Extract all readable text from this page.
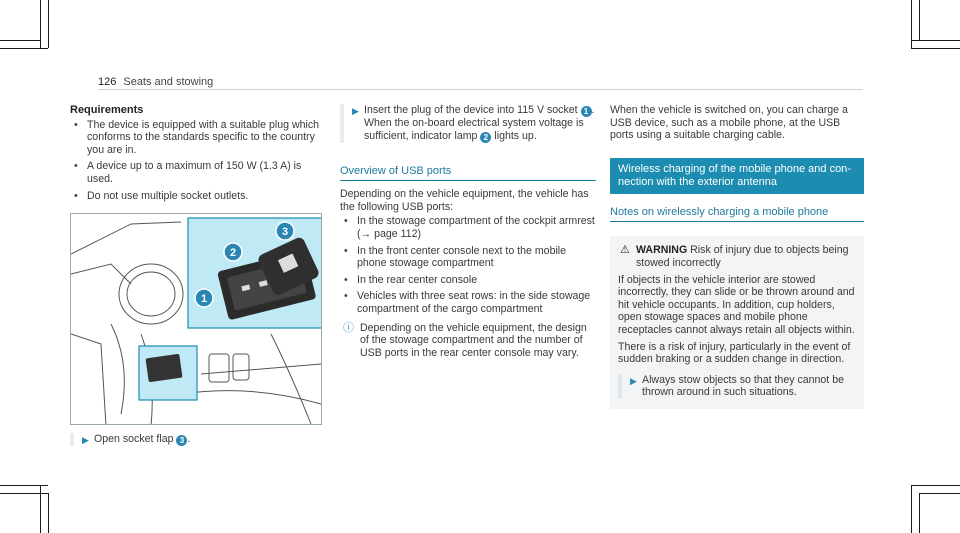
126 Seats and stowing
Requirements
• The device is equipped with a suitable plug which conforms to the standards specific to the country you are in.
• A device up to a maximum of 150 W (1.3 A) is used.
• Do not use multiple socket outlets.
3
2
1
▶ Open socket flap 3 .
▶ Insert the plug of the device into 115 V socket 1 .
When the on-board electrical system voltage is sufficient, indicator lamp 2 lights up.
Overview of USB ports

Depending on the vehicle equipment, the vehicle has the following USB ports:

• In the stowage compartment of the cockpit armrest (→ page 112)
• In the front center console next to the mobile phone stowage compartment
• In the rear center console
• Vehicles with three seat rows: in the side stowage compartment of the cargo compartment
ⓘ Depending on the vehicle equipment, the design of the stowage compartment and the number of USB ports in the rear center console may vary.

When the vehicle is switched on, you can charge a USB device, such as a mobile phone, at the USB ports using a suitable charging cable.

Wireless charging of the mobile phone and connection with the exterior antenna
Notes on wirelessly charging a mobile phone
⚠ WARNING Risk of injury due to objects being stowed incorrectly

If objects in the vehicle interior are stowed incorrectly, they can slide or be thrown around and hit vehicle occupants. In addition, cup holders, open stowage spaces and mobile phone receptacles cannot always retain all objects within.

There is a risk of injury, particularly in the event of sudden braking or a sudden change in direction.

▶ Always stow objects so that they cannot be thrown around in such situations.
